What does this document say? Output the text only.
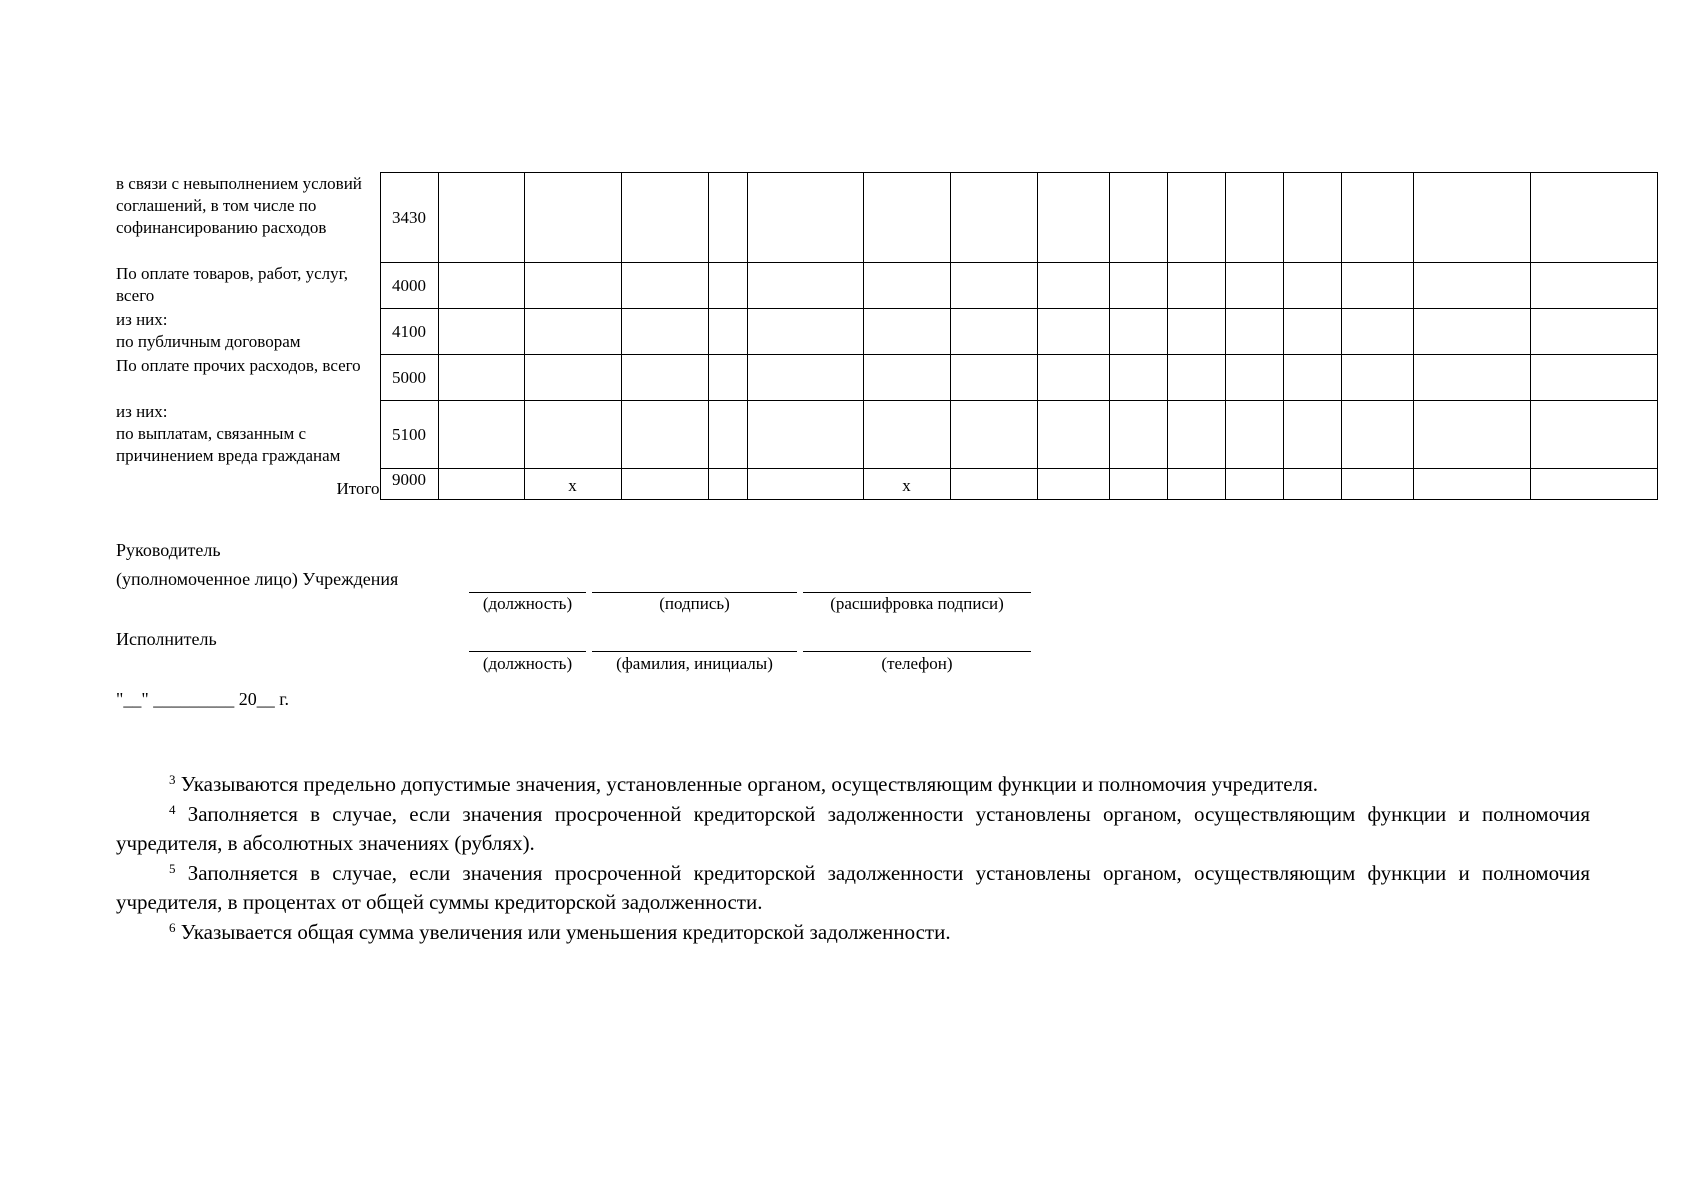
в связи с невыполнением условий соглашений, в том числе по софинансированию расходов	3430															
По оплате товаров, работ, услуг, всего	4000															
из них:
по публичным договорам	4100															
По оплате прочих расходов, всего	5000															
из них:
по выплатам, связанным с причинением вреда гражданам	5100															
Итого	9000		x				x									
Руководитель
(уполномоченное лицо) Учреждения
(должность)	(подпись)	(расшифровка подписи)
Исполнитель
(должность)	(фамилия, инициалы)	(телефон)
"__" _________ 20__ г.

$^3$ Указываются предельно допустимые значения, установленные органом, осуществляющим функции и полномочия учредителя.

$^4$ Заполняется в случае, если значения просроченной кредиторской задолженности установлены органом, осуществляющим функции и полномочия учредителя, в абсолютных значениях (рублях).

$^5$ Заполняется в случае, если значения просроченной кредиторской задолженности установлены органом, осуществляющим функции и полномочия учредителя, в процентах от общей суммы кредиторской задолженности.

$^6$ Указывается общая сумма увеличения или уменьшения кредиторской задолженности.
